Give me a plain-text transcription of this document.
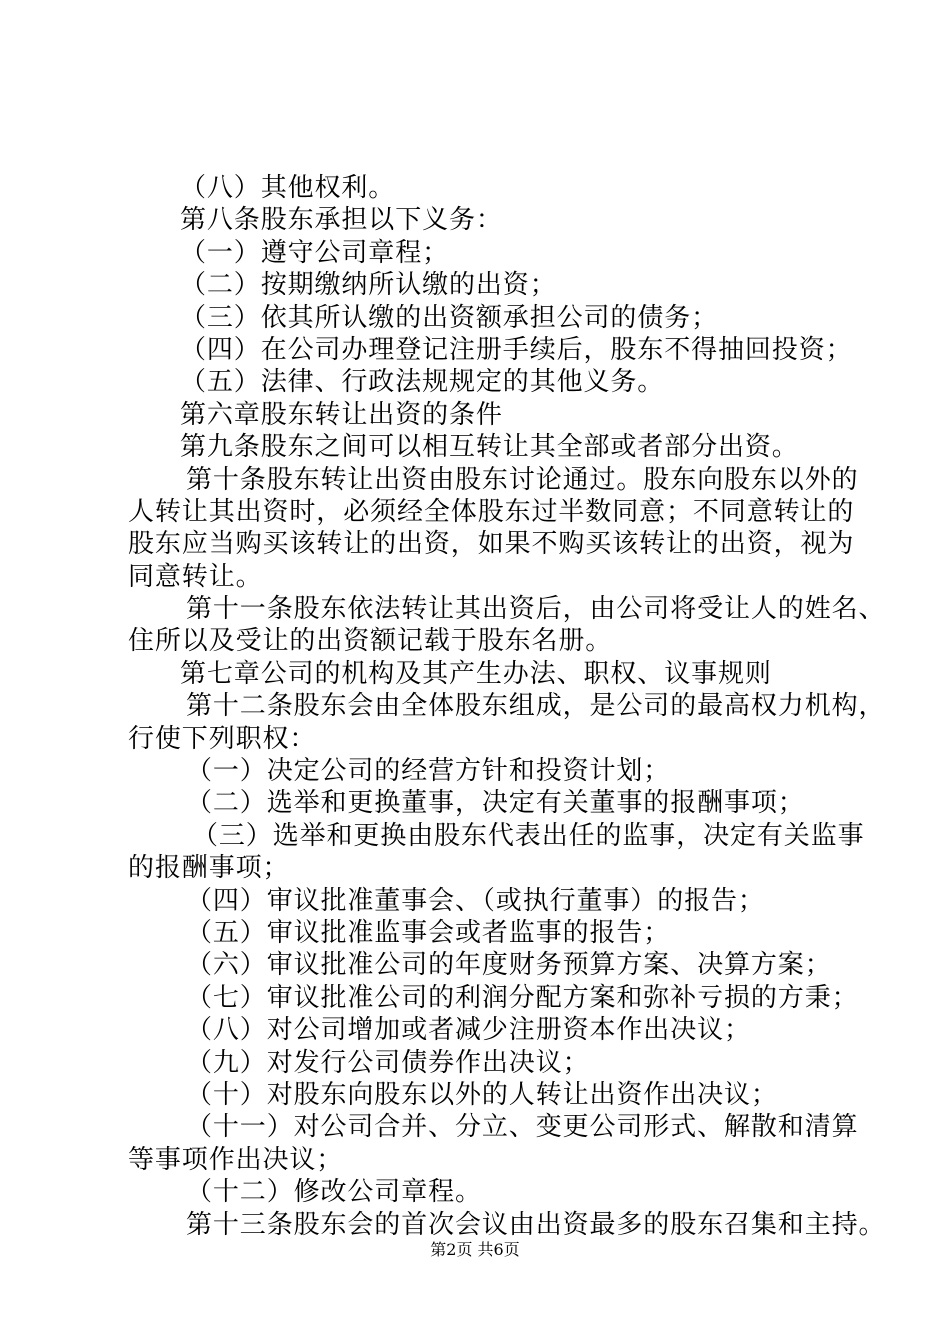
（八）其他权利。
第八条股东承担以下义务：
（一）遵守公司章程；
（二）按期缴纳所认缴的出资；
（三）依其所认缴的出资额承担公司的债务；
（四）在公司办理登记注册手续后，股东不得抽回投资；
（五）法律、行政法规规定的其他义务。
第六章股东转让出资的条件
第九条股东之间可以相互转让其全部或者部分出资。
第十条股东转让出资由股东讨论通过。股东向股东以外的
人转让其出资时，必须经全体股东过半数同意；不同意转让的
股东应当购买该转让的出资，如果不购买该转让的出资，视为
同意转让。
第十一条股东依法转让其出资后，由公司将受让人的姓名、
住所以及受让的出资额记载于股东名册。
第七章公司的机构及其产生办法、职权、议事规则
第十二条股东会由全体股东组成，是公司的最高权力机构，
行使下列职权：
（一）决定公司的经营方针和投资计划；
（二）选举和更换董事，决定有关董事的报酬事项；
（三）选举和更换由股东代表出任的监事，决定有关监事
的报酬事项；
（四）审议批准董事会、（或执行董事）的报告；
（五）审议批准监事会或者监事的报告；
（六）审议批准公司的年度财务预算方案、决算方案；
（七）审议批准公司的利润分配方案和弥补亏损的方秉；
（八）对公司增加或者减少注册资本作出决议；
（九）对发行公司债券作出决议；
（十）对股东向股东以外的人转让出资作出决议；
（十一）对公司合并、分立、变更公司形式、解散和清算
等事项作出决议；
（十二）修改公司章程。
第十三条股东会的首次会议由出资最多的股东召集和主持。
第2页 共6页
